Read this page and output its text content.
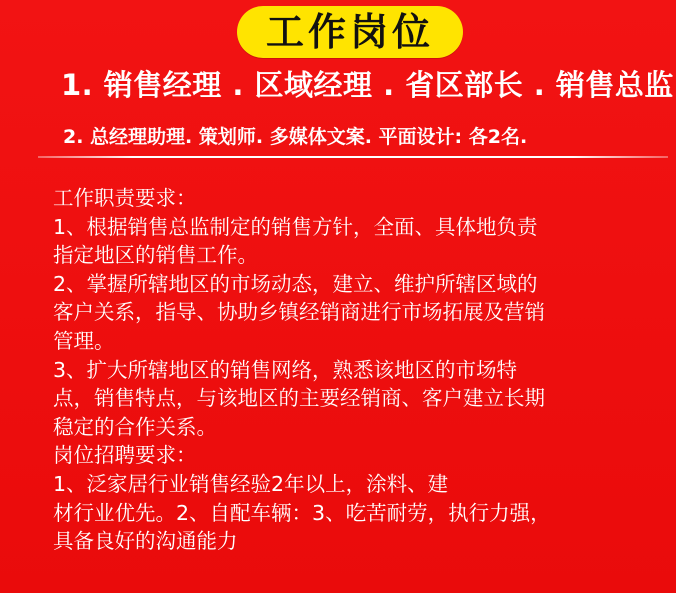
工作岗位
1. 销售经理 . 区域经理 . 省区部长 . 销售总监
2. 总经理助理. 策划师. 多媒体文案. 平面设计: 各2名.
工作职责要求：
1、根据销售总监制定的销售方针，全面、具体地负责
指定地区的销售工作。
2、掌握所辖地区的市场动态，建立、维护所辖区域的
客户关系，指导、协助乡镇经销商进行市场拓展及营销
管理。
3、扩大所辖地区的销售网络，熟悉该地区的市场特
点，销售特点，与该地区的主要经销商、客户建立长期
稳定的合作关系。
岗位招聘要求：
1、泛家居行业销售经验2年以上，涂料、建
材行业优先。2、自配车辆：3、吃苦耐劳，执行力强，
具备良好的沟通能力
